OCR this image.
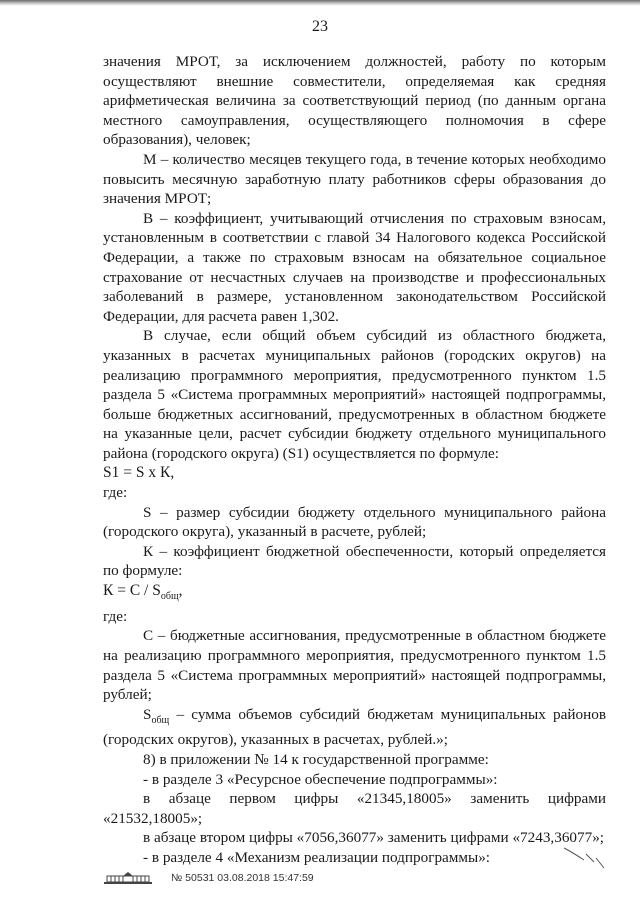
23

значения МРОТ, за исключением должностей, работу по которым осуществляют внешние совместители, определяемая как средняя арифметическая величина за соответствующий период (по данным органа местного самоуправления, осуществляющего полномочия в сфере образования), человек;

М – количество месяцев текущего года, в течение которых необходимо повысить месячную заработную плату работников сферы образования до значения МРОТ;

В – коэффициент, учитывающий отчисления по страховым взносам, установленным в соответствии с главой 34 Налогового кодекса Российской Федерации, а также по страховым взносам на обязательное социальное страхование от несчастных случаев на производстве и профессиональных заболеваний в размере, установленном законодательством Российской Федерации, для расчета равен 1,302.

В случае, если общий объем субсидий из областного бюджета, указанных в расчетах муниципальных районов (городских округов) на реализацию программного мероприятия, предусмотренного пунктом 1.5 раздела 5 «Система программных мероприятий» настоящей подпрограммы, больше бюджетных ассигнований, предусмотренных в областном бюджете на указанные цели, расчет субсидии бюджету отдельного муниципального района (городского округа) (S1) осуществляется по формуле:

S1 = S х К,

где:

S – размер субсидии бюджету отдельного муниципального района (городского округа), указанный в расчете, рублей;

К – коэффициент бюджетной обеспеченности, который определяется по формуле:

$К = С / S_{общ}$,

где:

С – бюджетные ассигнования, предусмотренные в областном бюджете на реализацию программного мероприятия, предусмотренного пунктом 1.5 раздела 5 «Система программных мероприятий» настоящей подпрограммы, рублей;

$S_{общ}$ – сумма объемов субсидий бюджетам муниципальных районов (городских округов), указанных в расчетах, рублей.»;

8) в приложении № 14 к государственной программе:

- в разделе 3 «Ресурсное обеспечение подпрограммы»:

в абзаце первом цифры «21345,18005» заменить цифрами «21532,18005»;

в абзаце втором цифры «7056,36077» заменить цифрами «7243,36077»;

- в разделе 4 «Механизм реализации подпрограммы»:

№ 50531 03.08.2018 15:47:59
